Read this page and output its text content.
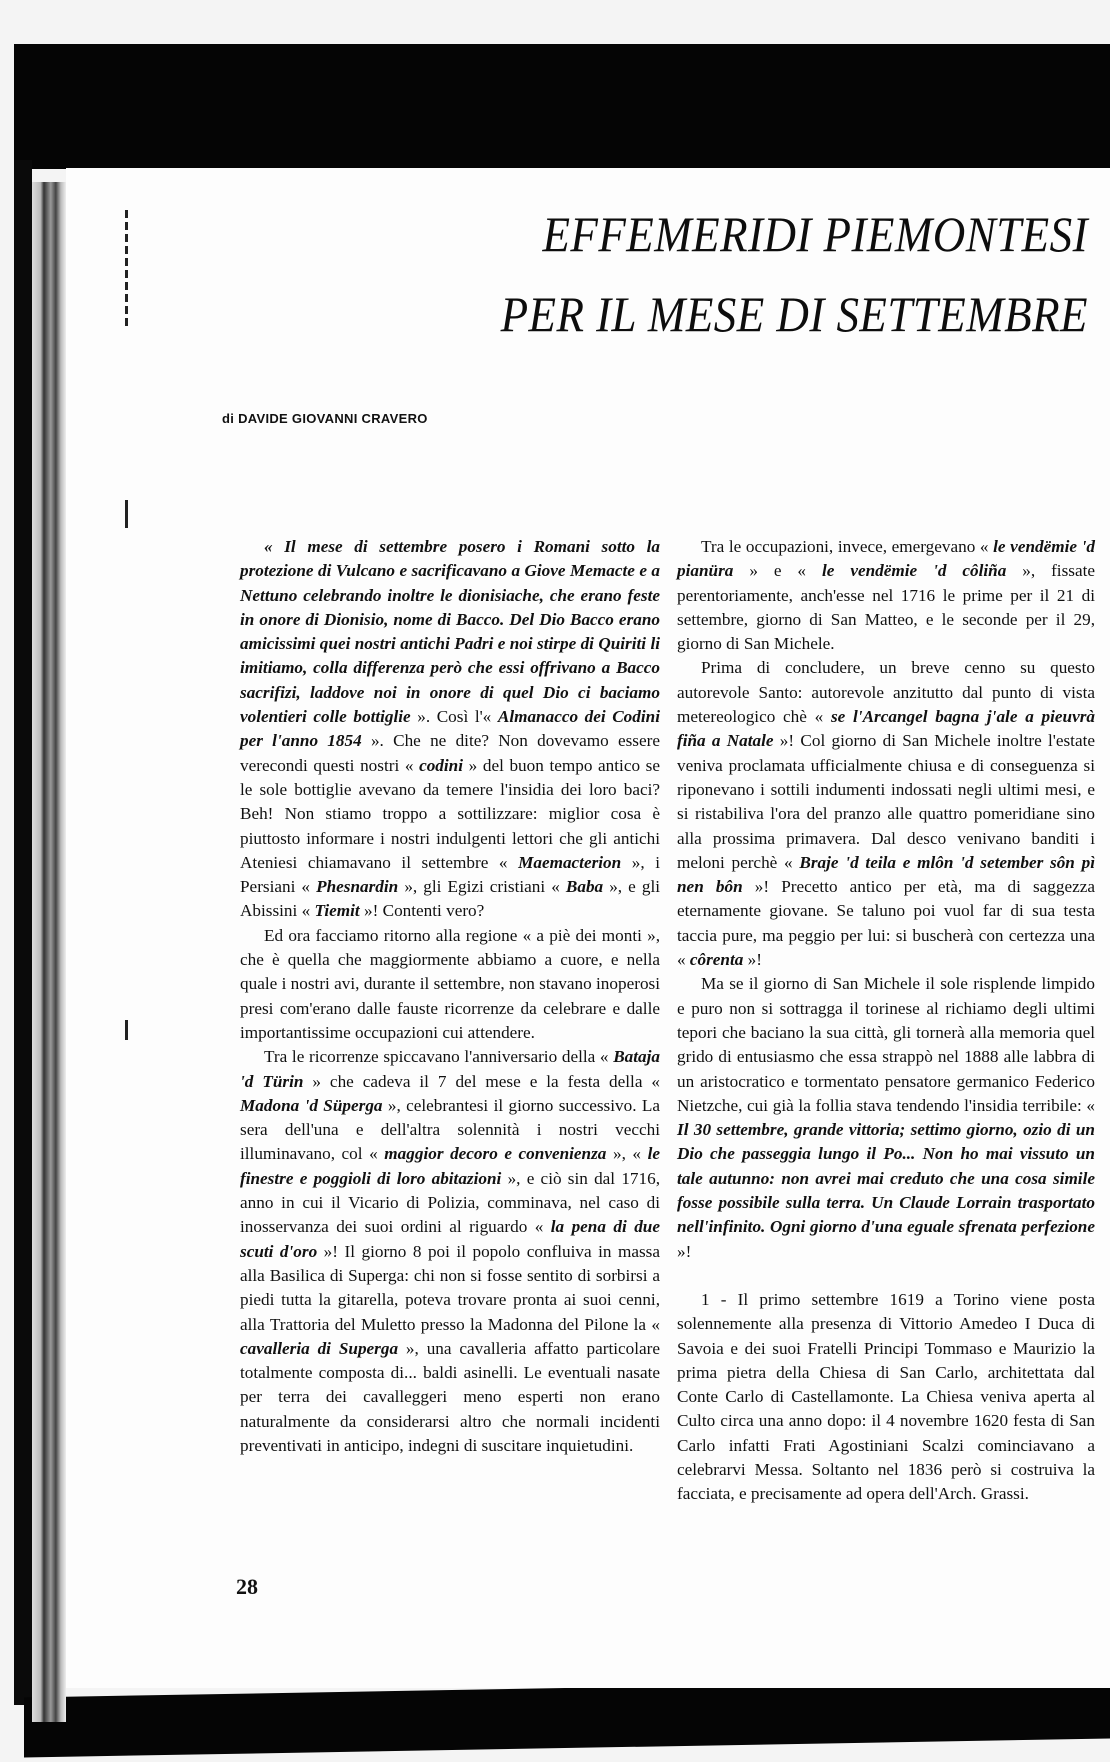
EFFEMERIDI PIEMONTESI
PER IL MESE DI SETTEMBRE
di DAVIDE GIOVANNI CRAVERO

« Il mese di settembre posero i Romani sotto la protezione di Vulcano e sacrificavano a Giove Memacte e a Nettuno celebrando inoltre le dionisiache, che erano feste in onore di Dionisio, nome di Bacco. Del Dio Bacco erano amicissimi quei nostri antichi Padri e noi stirpe di Quiriti li imitiamo, colla differenza però che essi offrivano a Bacco sacrifizi, laddove noi in onore di quel Dio ci baciamo volentieri colle bottiglie ». Così l'« Almanacco dei Codini per l'anno 1854 ». Che ne dite? Non dovevamo essere verecondi questi nostri « codini » del buon tempo antico se le sole bottiglie avevano da temere l'insidia dei loro baci? Beh! Non stiamo troppo a sottilizzare: miglior cosa è piuttosto informare i nostri indulgenti lettori che gli antichi Ateniesi chiamavano il settembre « Maemacterion », i Persiani « Phesnardin », gli Egizi cristiani « Baba », e gli Abissini « Tiemit »! Contenti vero?

Ed ora facciamo ritorno alla regione « a piè dei monti », che è quella che maggiormente abbiamo a cuore, e nella quale i nostri avi, durante il settembre, non stavano inoperosi presi com'erano dalle fauste ricorrenze da celebrare e dalle importantissime occupazioni cui attendere.

Tra le ricorrenze spiccavano l'anniversario della « Bataja 'd Türin » che cadeva il 7 del mese e la festa della « Madona 'd Süperga », celebrantesi il giorno successivo. La sera dell'una e dell'altra solennità i nostri vecchi illuminavano, col « maggior decoro e convenienza », « le finestre e poggioli di loro abitazioni », e ciò sin dal 1716, anno in cui il Vicario di Polizia, comminava, nel caso di inosservanza dei suoi ordini al riguardo « la pena di due scuti d'oro »! Il giorno 8 poi il popolo confluiva in massa alla Basilica di Superga: chi non si fosse sentito di sorbirsi a piedi tutta la gitarella, poteva trovare pronta ai suoi cenni, alla Trattoria del Muletto presso la Madonna del Pilone la « cavalleria di Superga », una cavalleria affatto particolare totalmente composta di... baldi asinelli. Le eventuali nasate per terra dei cavalleggeri meno esperti non erano naturalmente da considerarsi altro che normali incidenti preventivati in anticipo, indegni di suscitare inquietudini.

Tra le occupazioni, invece, emergevano « le vendëmie 'd pianüra » e « le vendëmie 'd côliña », fissate perentoriamente, anch'esse nel 1716 le prime per il 21 di settembre, giorno di San Matteo, e le seconde per il 29, giorno di San Michele.

Prima di concludere, un breve cenno su questo autorevole Santo: autorevole anzitutto dal punto di vista metereologico chè « se l'Arcangel bagna j'ale a pieuvrà fiña a Natale »! Col giorno di San Michele inoltre l'estate veniva proclamata ufficialmente chiusa e di conseguenza si riponevano i sottili indumenti indossati negli ultimi mesi, e si ristabiliva l'ora del pranzo alle quattro pomeridiane sino alla prossima primavera. Dal desco venivano banditi i meloni perchè « Braje 'd teila e mlôn 'd setember sôn pì nen bôn »! Precetto antico per età, ma di saggezza eternamente giovane. Se taluno poi vuol far di sua testa taccia pure, ma peggio per lui: si buscherà con certezza una « côrenta »!

Ma se il giorno di San Michele il sole risplende limpido e puro non si sottragga il torinese al richiamo degli ultimi tepori che baciano la sua città, gli tornerà alla memoria quel grido di entusiasmo che essa strappò nel 1888 alle labbra di un aristocratico e tormentato pensatore germanico Federico Nietzche, cui già la follia stava tendendo l'insidia terribile: « Il 30 settembre, grande vittoria; settimo giorno, ozio di un Dio che passeggia lungo il Po... Non ho mai vissuto un tale autunno: non avrei mai creduto che una cosa simile fosse possibile sulla terra. Un Claude Lorrain trasportato nell'infinito. Ogni giorno d'una eguale sfrenata perfezione »!

1 - Il primo settembre 1619 a Torino viene posta solennemente alla presenza di Vittorio Amedeo I Duca di Savoia e dei suoi Fratelli Principi Tommaso e Maurizio la prima pietra della Chiesa di San Carlo, architettata dal Conte Carlo di Castellamonte. La Chiesa veniva aperta al Culto circa una anno dopo: il 4 novembre 1620 festa di San Carlo infatti Frati Agostiniani Scalzi cominciavano a celebrarvi Messa. Soltanto nel 1836 però si costruiva la facciata, e precisamente ad opera dell'Arch. Grassi.

28
